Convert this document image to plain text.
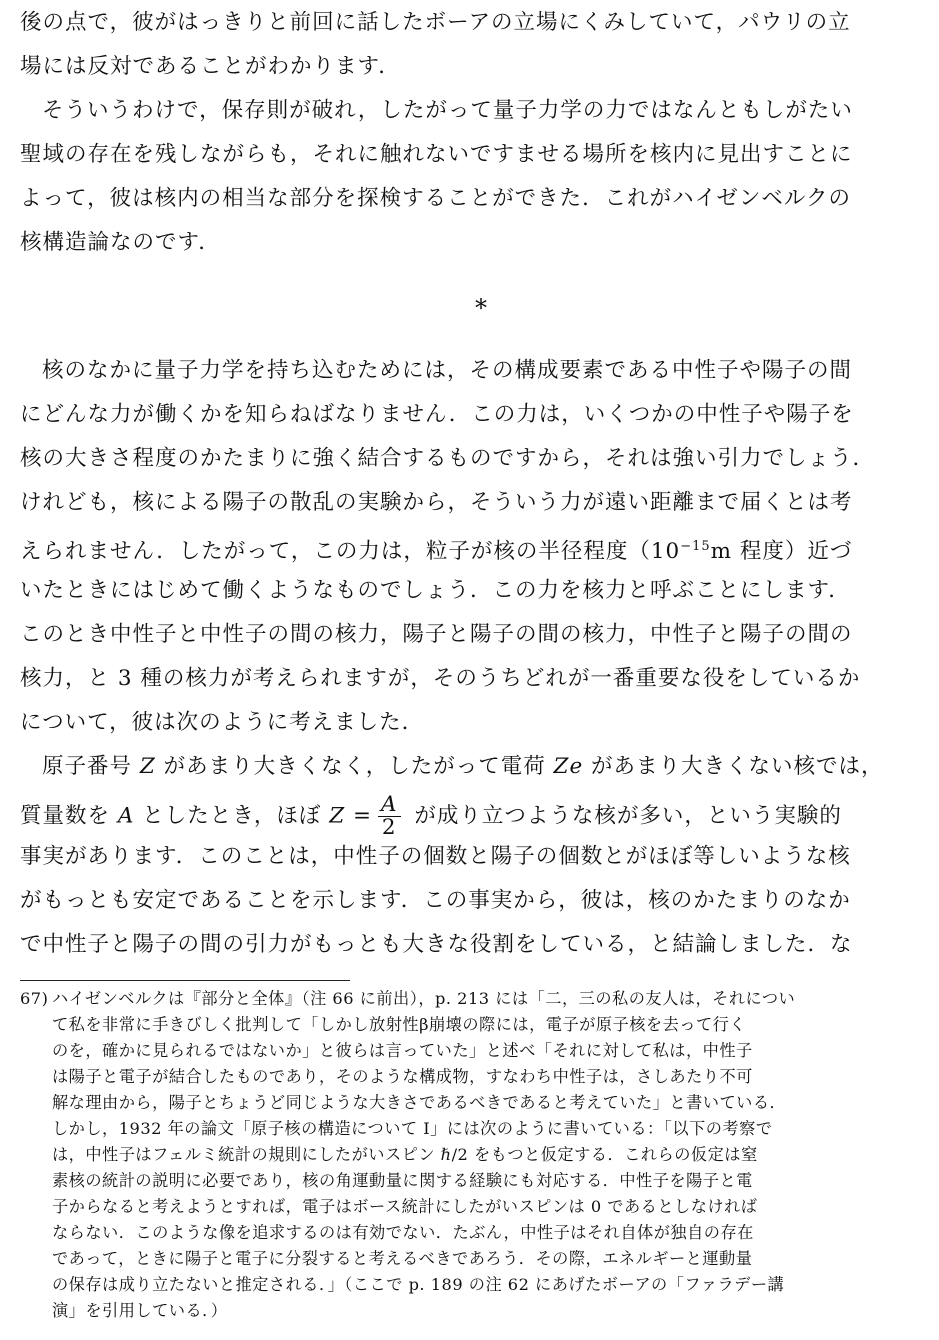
後の点で，彼がはっきりと前回に話したボーアの立場にくみしていて，パウリの立
場には反対であることがわかります．
そういうわけで，保存則が破れ，したがって量子力学の力ではなんともしがたい
聖域の存在を残しながらも，それに触れないですませる場所を核内に見出すことに
よって，彼は核内の相当な部分を探検することができた．これがハイゼンベルクの
核構造論なのです．
*
核のなかに量子力学を持ち込むためには，その構成要素である中性子や陽子の間
にどんな力が働くかを知らねばなりません．この力は，いくつかの中性子や陽子を
核の大きさ程度のかたまりに強く結合するものですから，それは強い引力でしょう．
けれども，核による陽子の散乱の実験から，そういう力が遠い距離まで届くとは考
えられません．したがって，この力は，粒子が核の半径程度（$10^{-15}m$ 程度）近づ
いたときにはじめて働くようなものでしょう．この力を核力と呼ぶことにします．
このとき中性子と中性子の間の核力，陽子と陽子の間の核力，中性子と陽子の間の
核力，と 3 種の核力が考えられますが，そのうちどれが一番重要な役をしているか
について，彼は次のように考えました．
原子番号 Z があまり大きくなく，したがって電荷 Ze があまり大きくない核では，
質量数を A としたとき，ほぼ $Z = \frac{A}{2}$ が成り立つような核が多い，という実験的
事実があります．このことは，中性子の個数と陽子の個数とがほぼ等しいような核
がもっとも安定であることを示します．この事実から，彼は，核のかたまりのなか
で中性子と陽子の間の引力がもっとも大きな役割をしている，と結論しました．な
67) ハイゼンベルクは『部分と全体』（注 66 に前出），p. 213 には「二，三の私の友人は，それについ
て私を非常に手きびしく批判して「しかし放射性β崩壊の際には，電子が原子核を去って行く
のを，確かに見られるではないか」と彼らは言っていた」と述べ「それに対して私は，中性子
は陽子と電子が結合したものであり，そのような構成物，すなわち中性子は，さしあたり不可
解な理由から，陽子とちょうど同じような大きさであるべきであると考えていた」と書いている．
しかし，1932 年の論文「原子核の構造について I」には次のように書いている：「以下の考察で
は，中性子はフェルミ統計の規則にしたがいスピン ℏ/2 をもつと仮定する．これらの仮定は窒
素核の統計の説明に必要であり，核の角運動量に関する経験にも対応する．中性子を陽子と電
子からなると考えようとすれば，電子はボース統計にしたがいスピンは 0 であるとしなければ
ならない．このような像を追求するのは有効でない．たぶん，中性子はそれ自体が独自の存在
であって，ときに陽子と電子に分裂すると考えるべきであろう．その際，エネルギーと運動量
の保存は成り立たないと推定される．」（ここで p. 189 の注 62 にあげたボーアの「ファラデー講
演」を引用している．）
